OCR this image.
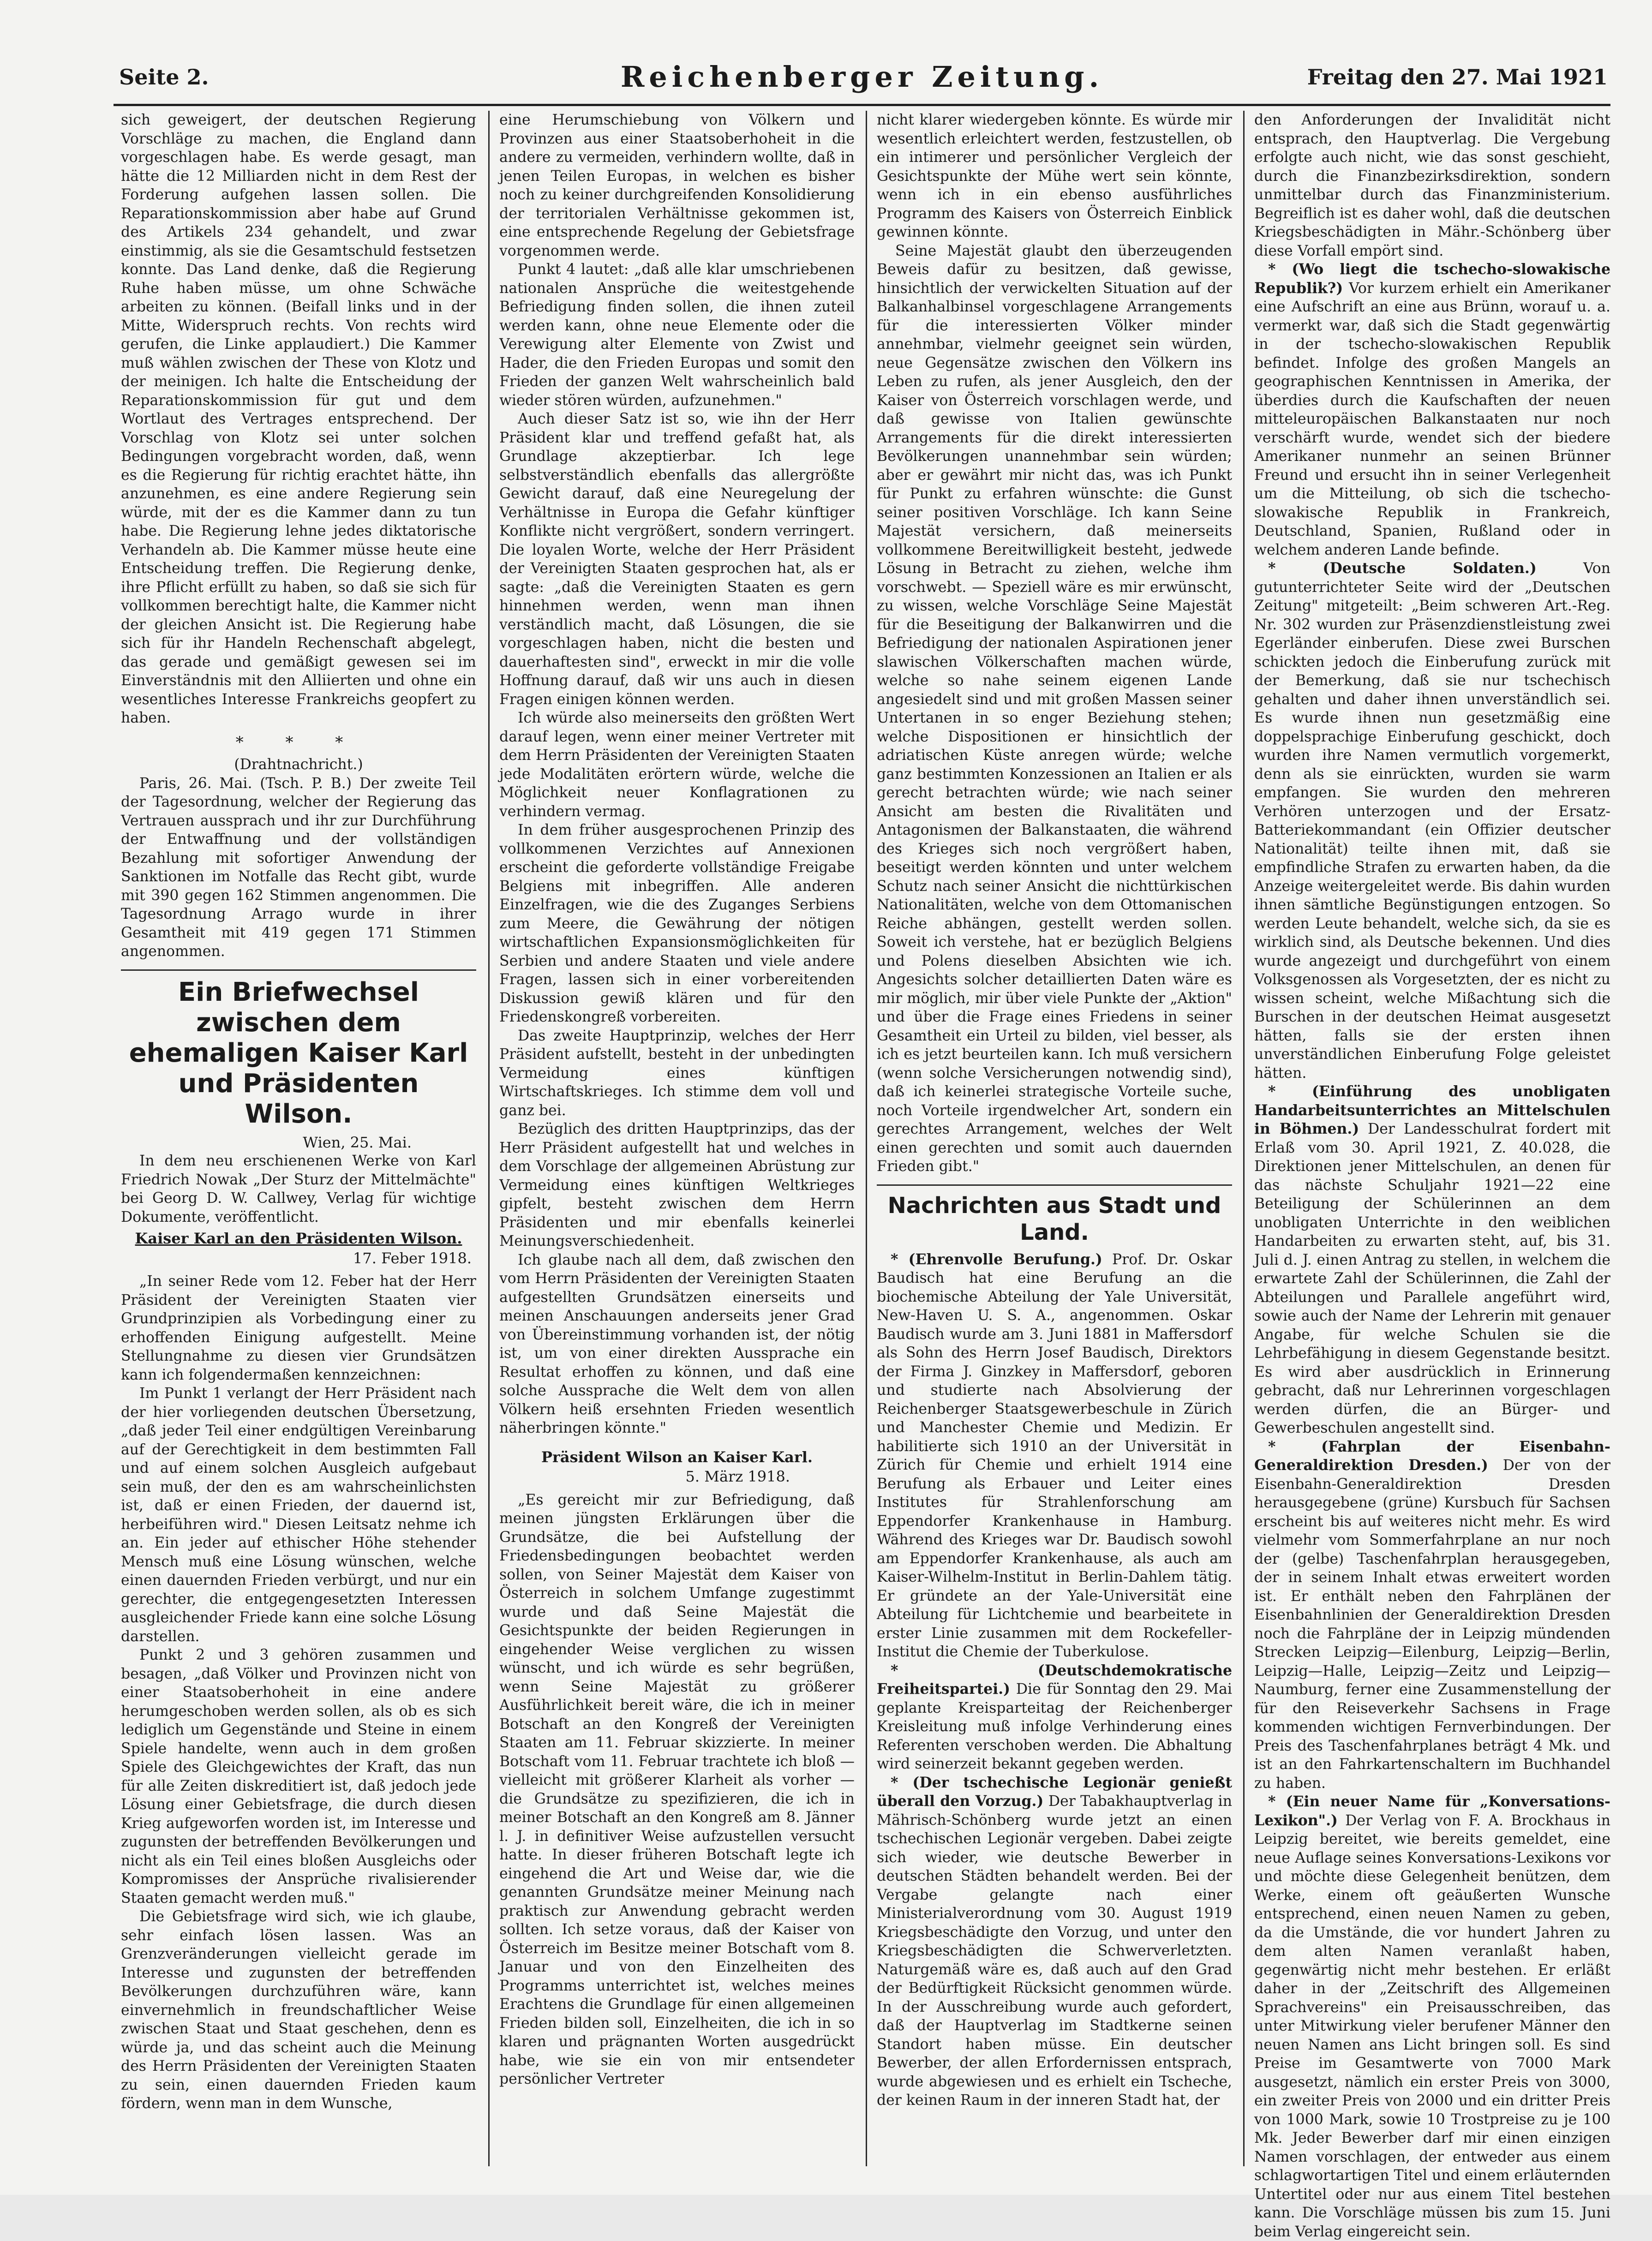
Seite 2.	Reichenberger Zeitung.	Freitag den 27. Mai 1921

sich geweigert, der deutschen Regierung Vorschläge zu machen, die England dann vorgeschlagen habe. Es werde gesagt, man hätte die 12 Milliarden nicht in dem Rest der Forderung aufgehen lassen sollen. Die Reparationskommission aber habe auf Grund des Artikels 234 gehandelt, und zwar einstimmig, als sie die Gesamtschuld festsetzen konnte. Das Land denke, daß die Regierung Ruhe haben müsse, um ohne Schwäche arbeiten zu können. (Beifall links und in der Mitte, Widerspruch rechts. Von rechts wird gerufen, die Linke applaudiert.) Die Kammer muß wählen zwischen der These von Klotz und der meinigen. Ich halte die Entscheidung der Reparationskommission für gut und dem Wortlaut des Vertrages entsprechend. Der Vorschlag von Klotz sei unter solchen Bedingungen vorgebracht worden, daß, wenn es die Regierung für richtig erachtet hätte, ihn anzunehmen, es eine andere Regierung sein würde, mit der es die Kammer dann zu tun habe. Die Regierung lehne jedes diktatorische Verhandeln ab. Die Kammer müsse heute eine Entscheidung treffen. Die Regierung denke, ihre Pflicht erfüllt zu haben, so daß sie sich für vollkommen berechtigt halte, die Kammer nicht der gleichen Ansicht ist. Die Regierung habe sich für ihr Handeln Rechenschaft abgelegt, das gerade und gemäßigt gewesen sei im Einverständnis mit den Alliierten und ohne ein wesentliches Interesse Frankreichs geopfert zu haben.

* * *

(Drahtnachricht.)

Paris, 26. Mai. (Tsch. P. B.) Der zweite Teil der Tagesordnung, welcher der Regierung das Vertrauen aussprach und ihr zur Durchführung der Entwaffnung und der vollständigen Bezahlung mit sofortiger Anwendung der Sanktionen im Notfalle das Recht gibt, wurde mit 390 gegen 162 Stimmen angenommen. Die Tagesordnung Arrago wurde in ihrer Gesamtheit mit 419 gegen 171 Stimmen angenommen.

Ein Briefwechsel zwischen dem ehemaligen Kaiser Karl und Präsidenten Wilson.
Wien, 25. Mai.

In dem neu erschienenen Werke von Karl Friedrich Nowak „Der Sturz der Mittelmächte" bei Georg D. W. Callwey, Verlag für wichtige Dokumente, veröffentlicht.

Kaiser Karl an den Präsidenten Wilson.
17. Feber 1918.

„In seiner Rede vom 12. Feber hat der Herr Präsident der Vereinigten Staaten vier Grundprinzipien als Vorbedingung einer zu erhoffenden Einigung aufgestellt. Meine Stellungnahme zu diesen vier Grundsätzen kann ich folgendermaßen kennzeichnen:

Im Punkt 1 verlangt der Herr Präsident nach der hier vorliegenden deutschen Übersetzung, „daß jeder Teil einer endgültigen Vereinbarung auf der Gerechtigkeit in dem bestimmten Fall und auf einem solchen Ausgleich aufgebaut sein muß, der den es am wahrscheinlichsten ist, daß er einen Frieden, der dauernd ist, herbeiführen wird." Diesen Leitsatz nehme ich an. Ein jeder auf ethischer Höhe stehender Mensch muß eine Lösung wünschen, welche einen dauernden Frieden verbürgt, und nur ein gerechter, die entgegengesetzten Interessen ausgleichender Friede kann eine solche Lösung darstellen.

Punkt 2 und 3 gehören zusammen und besagen, „daß Völker und Provinzen nicht von einer Staatsoberhoheit in eine andere herumgeschoben werden sollen, als ob es sich lediglich um Gegenstände und Steine in einem Spiele handelte, wenn auch in dem großen Spiele des Gleichgewichtes der Kraft, das nun für alle Zeiten diskreditiert ist, daß jedoch jede Lösung einer Gebietsfrage, die durch diesen Krieg aufgeworfen worden ist, im Interesse und zugunsten der betreffenden Bevölkerungen und nicht als ein Teil eines bloßen Ausgleichs oder Kompromisses der Ansprüche rivalisierender Staaten gemacht werden muß."

Die Gebietsfrage wird sich, wie ich glaube, sehr einfach lösen lassen. Was an Grenzveränderungen vielleicht gerade im Interesse und zugunsten der betreffenden Bevölkerungen durchzuführen wäre, kann einvernehmlich in freundschaftlicher Weise zwischen Staat und Staat geschehen, denn es würde ja, und das scheint auch die Meinung des Herrn Präsidenten der Vereinigten Staaten zu sein, einen dauernden Frieden kaum fördern, wenn man in dem Wunsche,

eine Herumschiebung von Völkern und Provinzen aus einer Staatsoberhoheit in die andere zu vermeiden, verhindern wollte, daß in jenen Teilen Europas, in welchen es bisher noch zu keiner durchgreifenden Konsolidierung der territorialen Verhältnisse gekommen ist, eine entsprechende Regelung der Gebietsfrage vorgenommen werde.

Punkt 4 lautet: „daß alle klar umschriebenen nationalen Ansprüche die weitestgehende Befriedigung finden sollen, die ihnen zuteil werden kann, ohne neue Elemente oder die Verewigung alter Elemente von Zwist und Hader, die den Frieden Europas und somit den Frieden der ganzen Welt wahrscheinlich bald wieder stören würden, aufzunehmen."

Auch dieser Satz ist so, wie ihn der Herr Präsident klar und treffend gefaßt hat, als Grundlage akzeptierbar. Ich lege selbstverständlich ebenfalls das allergrößte Gewicht darauf, daß eine Neuregelung der Verhältnisse in Europa die Gefahr künftiger Konflikte nicht vergrößert, sondern verringert. Die loyalen Worte, welche der Herr Präsident der Vereinigten Staaten gesprochen hat, als er sagte: „daß die Vereinigten Staaten es gern hinnehmen werden, wenn man ihnen verständlich macht, daß Lösungen, die sie vorgeschlagen haben, nicht die besten und dauerhaftesten sind", erweckt in mir die volle Hoffnung darauf, daß wir uns auch in diesen Fragen einigen können werden.

Ich würde also meinerseits den größten Wert darauf legen, wenn einer meiner Vertreter mit dem Herrn Präsidenten der Vereinigten Staaten jede Modalitäten erörtern würde, welche die Möglichkeit neuer Konflagrationen zu verhindern vermag.

In dem früher ausgesprochenen Prinzip des vollkommenen Verzichtes auf Annexionen erscheint die geforderte vollständige Freigabe Belgiens mit inbegriffen. Alle anderen Einzelfragen, wie die des Zuganges Serbiens zum Meere, die Gewährung der nötigen wirtschaftlichen Expansionsmöglichkeiten für Serbien und andere Staaten und viele andere Fragen, lassen sich in einer vorbereitenden Diskussion gewiß klären und für den Friedenskongreß vorbereiten.

Das zweite Hauptprinzip, welches der Herr Präsident aufstellt, besteht in der unbedingten Vermeidung eines künftigen Wirtschaftskrieges. Ich stimme dem voll und ganz bei.

Bezüglich des dritten Hauptprinzips, das der Herr Präsident aufgestellt hat und welches in dem Vorschlage der allgemeinen Abrüstung zur Vermeidung eines künftigen Weltkrieges gipfelt, besteht zwischen dem Herrn Präsidenten und mir ebenfalls keinerlei Meinungsverschiedenheit.

Ich glaube nach all dem, daß zwischen den vom Herrn Präsidenten der Vereinigten Staaten aufgestellten Grundsätzen einerseits und meinen Anschauungen anderseits jener Grad von Übereinstimmung vorhanden ist, der nötig ist, um von einer direkten Aussprache ein Resultat erhoffen zu können, und daß eine solche Aussprache die Welt dem von allen Völkern heiß ersehnten Frieden wesentlich näherbringen könnte."

Präsident Wilson an Kaiser Karl.
5. März 1918.

„Es gereicht mir zur Befriedigung, daß meinen jüngsten Erklärungen über die Grundsätze, die bei Aufstellung der Friedensbedingungen beobachtet werden sollen, von Seiner Majestät dem Kaiser von Österreich in solchem Umfange zugestimmt wurde und daß Seine Majestät die Gesichtspunkte der beiden Regierungen in eingehender Weise verglichen zu wissen wünscht, und ich würde es sehr begrüßen, wenn Seine Majestät zu größerer Ausführlichkeit bereit wäre, die ich in meiner Botschaft an den Kongreß der Vereinigten Staaten am 11. Februar skizzierte. In meiner Botschaft vom 11. Februar trachtete ich bloß — vielleicht mit größerer Klarheit als vorher — die Grundsätze zu spezifizieren, die ich in meiner Botschaft an den Kongreß am 8. Jänner l. J. in definitiver Weise aufzustellen versucht hatte. In dieser früheren Botschaft legte ich eingehend die Art und Weise dar, wie die genannten Grundsätze meiner Meinung nach praktisch zur Anwendung gebracht werden sollten. Ich setze voraus, daß der Kaiser von Österreich im Besitze meiner Botschaft vom 8. Januar und von den Einzelheiten des Programms unterrichtet ist, welches meines Erachtens die Grundlage für einen allgemeinen Frieden bilden soll, Einzelheiten, die ich in so klaren und prägnanten Worten ausgedrückt habe, wie sie ein von mir entsendeter persönlicher Vertreter

nicht klarer wiedergeben könnte. Es würde mir wesentlich erleichtert werden, festzustellen, ob ein intimerer und persönlicher Vergleich der Gesichtspunkte der Mühe wert sein könnte, wenn ich in ein ebenso ausführliches Programm des Kaisers von Österreich Einblick gewinnen könnte.

Seine Majestät glaubt den überzeugenden Beweis dafür zu besitzen, daß gewisse, hinsichtlich der verwickelten Situation auf der Balkanhalbinsel vorgeschlagene Arrangements für die interessierten Völker minder annehmbar, vielmehr geeignet sein würden, neue Gegensätze zwischen den Völkern ins Leben zu rufen, als jener Ausgleich, den der Kaiser von Österreich vorschlagen werde, und daß gewisse von Italien gewünschte Arrangements für die direkt interessierten Bevölkerungen unannehmbar sein würden; aber er gewährt mir nicht das, was ich Punkt für Punkt zu erfahren wünschte: die Gunst seiner positiven Vorschläge. Ich kann Seine Majestät versichern, daß meinerseits vollkommene Bereitwilligkeit besteht, jedwede Lösung in Betracht zu ziehen, welche ihm vorschwebt. — Speziell wäre es mir erwünscht, zu wissen, welche Vorschläge Seine Majestät für die Beseitigung der Balkanwirren und die Befriedigung der nationalen Aspirationen jener slawischen Völkerschaften machen würde, welche so nahe seinem eigenen Lande angesiedelt sind und mit großen Massen seiner Untertanen in so enger Beziehung stehen; welche Dispositionen er hinsichtlich der adriatischen Küste anregen würde; welche ganz bestimmten Konzessionen an Italien er als gerecht betrachten würde; wie nach seiner Ansicht am besten die Rivalitäten und Antagonismen der Balkanstaaten, die während des Krieges sich noch vergrößert haben, beseitigt werden könnten und unter welchem Schutz nach seiner Ansicht die nichttürkischen Nationalitäten, welche von dem Ottomanischen Reiche abhängen, gestellt werden sollen. Soweit ich verstehe, hat er bezüglich Belgiens und Polens dieselben Absichten wie ich. Angesichts solcher detaillierten Daten wäre es mir möglich, mir über viele Punkte der „Aktion" und über die Frage eines Friedens in seiner Gesamtheit ein Urteil zu bilden, viel besser, als ich es jetzt beurteilen kann. Ich muß versichern (wenn solche Versicherungen notwendig sind), daß ich keinerlei strategische Vorteile suche, noch Vorteile irgendwelcher Art, sondern ein gerechtes Arrangement, welches der Welt einen gerechten und somit auch dauernden Frieden gibt."

Nachrichten aus Stadt und Land.

* (Ehrenvolle Berufung.) Prof. Dr. Oskar Baudisch hat eine Berufung an die biochemische Abteilung der Yale Universität, New-Haven U. S. A., angenommen. Oskar Baudisch wurde am 3. Juni 1881 in Maffersdorf als Sohn des Herrn Josef Baudisch, Direktors der Firma J. Ginzkey in Maffersdorf, geboren und studierte nach Absolvierung der Reichenberger Staatsgewerbeschule in Zürich und Manchester Chemie und Medizin. Er habilitierte sich 1910 an der Universität in Zürich für Chemie und erhielt 1914 eine Berufung als Erbauer und Leiter eines Institutes für Strahlenforschung am Eppendorfer Krankenhause in Hamburg. Während des Krieges war Dr. Baudisch sowohl am Eppendorfer Krankenhause, als auch am Kaiser-Wilhelm-Institut in Berlin-Dahlem tätig. Er gründete an der Yale-Universität eine Abteilung für Lichtchemie und bearbeitete in erster Linie zusammen mit dem Rockefeller-Institut die Chemie der Tuberkulose.

* (Deutschdemokratische Freiheitspartei.) Die für Sonntag den 29. Mai geplante Kreisparteitag der Reichenberger Kreisleitung muß infolge Verhinderung eines Referenten verschoben werden. Die Abhaltung wird seinerzeit bekannt gegeben werden.

* (Der tschechische Legionär genießt überall den Vorzug.) Der Tabakhauptverlag in Mährisch-Schönberg wurde jetzt an einen tschechischen Legionär vergeben. Dabei zeigte sich wieder, wie deutsche Bewerber in deutschen Städten behandelt werden. Bei der Vergabe gelangte nach einer Ministerialverordnung vom 30. August 1919 Kriegsbeschädigte den Vorzug, und unter den Kriegsbeschädigten die Schwerverletzten. Naturgemäß wäre es, daß auch auf den Grad der Bedürftigkeit Rücksicht genommen würde. In der Ausschreibung wurde auch gefordert, daß der Hauptverlag im Stadtkerne seinen Standort haben müsse. Ein deutscher Bewerber, der allen Erfordernissen entsprach, wurde abgewiesen und es erhielt ein Tscheche, der keinen Raum in der inneren Stadt hat, der

den Anforderungen der Invalidität nicht entsprach, den Hauptverlag. Die Vergebung erfolgte auch nicht, wie das sonst geschieht, durch die Finanzbezirksdirektion, sondern unmittelbar durch das Finanzministerium. Begreiflich ist es daher wohl, daß die deutschen Kriegsbeschädigten in Mähr.-Schönberg über diese Vorfall empört sind.

* (Wo liegt die tschecho-slowakische Republik?) Vor kurzem erhielt ein Amerikaner eine Aufschrift an eine aus Brünn, worauf u. a. vermerkt war, daß sich die Stadt gegenwärtig in der tschecho-slowakischen Republik befindet. Infolge des großen Mangels an geographischen Kenntnissen in Amerika, der überdies durch die Kaufschaften der neuen mitteleuropäischen Balkanstaaten nur noch verschärft wurde, wendet sich der biedere Amerikaner nunmehr an seinen Brünner Freund und ersucht ihn in seiner Verlegenheit um die Mitteilung, ob sich die tschecho-slowakische Republik in Frankreich, Deutschland, Spanien, Rußland oder in welchem anderen Lande befinde.

* (Deutsche Soldaten.)	Von gutunterrichteter Seite wird der „Deutschen Zeitung" mitgeteilt: „Beim schweren Art.-Reg. Nr. 302 wurden zur Präsenzdienstleistung zwei Egerländer einberufen. Diese zwei Burschen schickten jedoch die Einberufung zurück mit der Bemerkung, daß sie nur tschechisch gehalten und daher ihnen unverständlich sei. Es wurde ihnen nun gesetzmäßig eine doppelsprachige Einberufung geschickt, doch wurden ihre Namen vermutlich vorgemerkt, denn als sie einrückten, wurden sie warm empfangen. Sie wurden den mehreren Verhören unterzogen und der Ersatz-Batteriekommandant (ein Offizier deutscher Nationalität) teilte ihnen mit, daß sie empfindliche Strafen zu erwarten haben, da die Anzeige weitergeleitet werde. Bis dahin wurden ihnen sämtliche Begünstigungen entzogen. So werden Leute behandelt, welche sich, da sie es wirklich sind, als Deutsche bekennen. Und dies wurde angezeigt und durchgeführt von einem Volksgenossen als Vorgesetzten, der es nicht zu wissen scheint, welche Mißachtung sich die Burschen in der deutschen Heimat ausgesetzt hätten, falls sie der ersten ihnen unverständlichen Einberufung Folge geleistet hätten.

* (Einführung des unobligaten Handarbeitsunterrichtes an Mittelschulen in Böhmen.) Der Landesschulrat fordert mit Erlaß vom 30. April 1921, Z. 40.028, die Direktionen jener Mittelschulen, an denen für das nächste Schuljahr 1921—22 eine Beteiligung der Schülerinnen an dem unobligaten Unterrichte in den weiblichen Handarbeiten zu erwarten steht, auf, bis 31. Juli d. J. einen Antrag zu stellen, in welchem die erwartete Zahl der Schülerinnen, die Zahl der Abteilungen und Parallele angeführt wird, sowie auch der Name der Lehrerin mit genauer Angabe, für welche Schulen sie die Lehrbefähigung in diesem Gegenstande besitzt. Es wird aber ausdrücklich in Erinnerung gebracht, daß nur Lehrerinnen vorgeschlagen werden dürfen, die an Bürger- und Gewerbeschulen angestellt sind.

* (Fahrplan der Eisenbahn-Generaldirektion Dresden.) Der von der Eisenbahn-Generaldirektion Dresden herausgegebene (grüne) Kursbuch für Sachsen erscheint bis auf weiteres nicht mehr. Es wird vielmehr vom Sommerfahrplane an nur noch der (gelbe) Taschenfahrplan herausgegeben, der in seinem Inhalt etwas erweitert worden ist. Er enthält neben den Fahrplänen der Eisenbahnlinien der Generaldirektion Dresden noch die Fahrpläne der in Leipzig mündenden Strecken Leipzig—Eilenburg, Leipzig—Berlin, Leipzig—Halle, Leipzig—Zeitz und Leipzig—Naumburg, ferner eine Zusammenstellung der für den Reiseverkehr Sachsens in Frage kommenden wichtigen Fernverbindungen. Der Preis des Taschenfahrplanes beträgt 4 Mk. und ist an den Fahrkartenschaltern im Buchhandel zu haben.

* (Ein neuer Name für „Konversations-Lexikon".) Der Verlag von F. A. Brockhaus in Leipzig bereitet, wie bereits gemeldet, eine neue Auflage seines Konversations-Lexikons vor und möchte diese Gelegenheit benützen, dem Werke, einem oft geäußerten Wunsche entsprechend, einen neuen Namen zu geben, da die Umstände, die vor hundert Jahren zu dem alten Namen veranlaßt haben, gegenwärtig nicht mehr bestehen. Er erläßt daher in der „Zeitschrift des Allgemeinen Sprachvereins" ein Preisausschreiben, das unter Mitwirkung vieler berufener Männer den neuen Namen ans Licht bringen soll. Es sind Preise im Gesamtwerte von 7000 Mark ausgesetzt, nämlich ein erster Preis von 3000, ein zweiter Preis von 2000 und ein dritter Preis von 1000 Mark, sowie 10 Trostpreise zu je 100 Mk. Jeder Bewerber darf mir einen einzigen Namen vorschlagen, der entweder aus einem schlagwortartigen Titel und einem erläuternden Untertitel oder nur aus einem Titel bestehen kann. Die Vorschläge müssen bis zum 15. Juni beim Verlag eingereicht sein.
